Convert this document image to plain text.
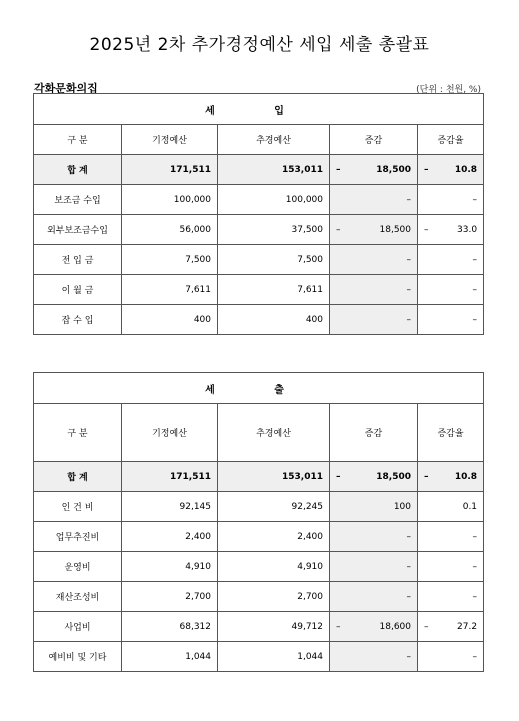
2025년 2차 추가경정예산 세입 세출 총괄표
각화문화의집	(단위 : 천원, %)
세 입				
구 분	기정예산	추경예산	증감	증감율
합 계	171,511	153,011	– 18,500	– 10.8

보조금 수입	100,000	100,000	–	–

외부보조금수입	56,000	37,500	– 18,500	– 33.0

전 입 금	7,500	7,500	–	–

이 월 금	7,611	7,611	–	–

잡 수 입	400	400	–	–
세 출				
구 분	기정예산	추경예산	증감	증감율
합 계	171,511	153,011	– 18,500	– 10.8

인 건 비	92,145	92,245	100	0.1

업무추진비	2,400	2,400	–	–

운영비	4,910	4,910	–	–

재산조성비	2,700	2,700	–	–

사업비	68,312	49,712	– 18,600	– 27.2

예비비 및 기타	1,044	1,044	–	–
